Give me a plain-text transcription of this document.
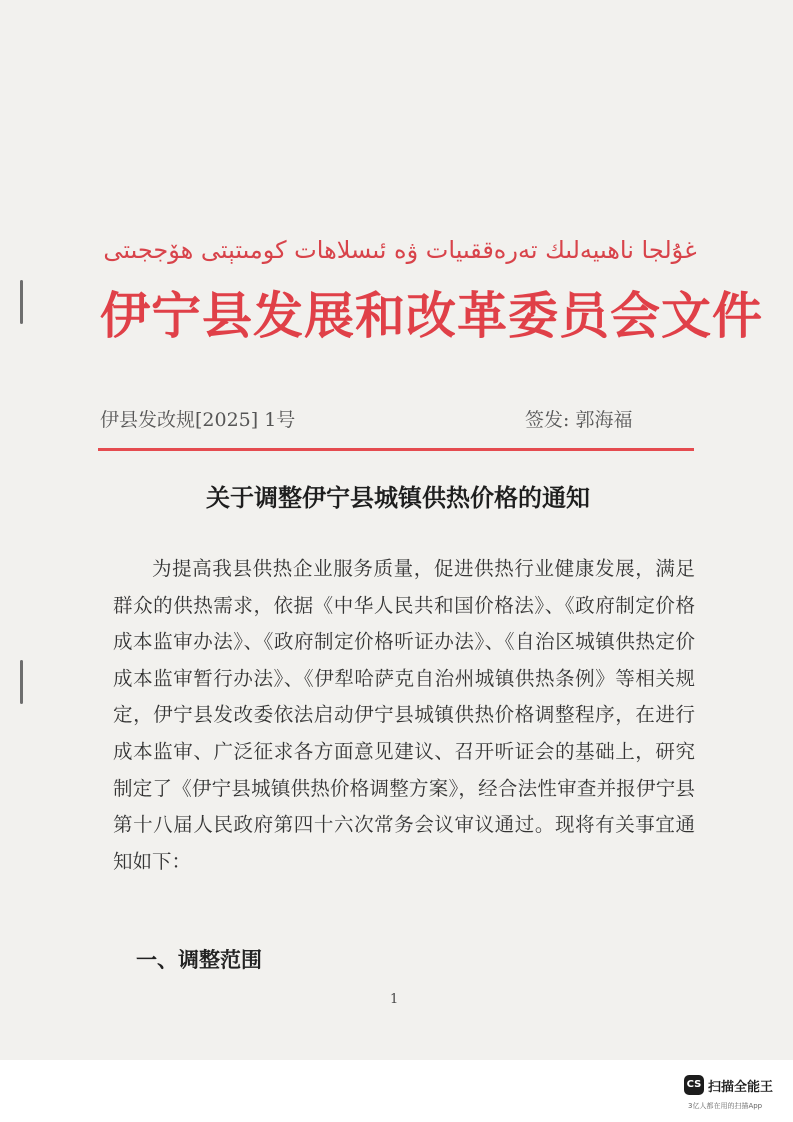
غۇلجا ناھىيەلىك تەرەققىيات ۋە ئىسلاھات كومىتېتى ھۆججىتى
伊宁县发展和改革委员会文件
伊县发改规[2025] 1号	签发: 郭海福
关于调整伊宁县城镇供热价格的通知

为提高我县供热企业服务质量，促进供热行业健康发展，满足群众的供热需求，依据《中华人民共和国价格法》、《政府制定价格成本监审办法》、《政府制定价格听证办法》、《自治区城镇供热定价成本监审暂行办法》、《伊犁哈萨克自治州城镇供热条例》等相关规定，伊宁县发改委依法启动伊宁县城镇供热价格调整程序，在进行成本监审、广泛征求各方面意见建议、召开听证会的基础上，研究制定了《伊宁县城镇供热价格调整方案》，经合法性审查并报伊宁县第十八届人民政府第四十六次常务会议审议通过。现将有关事宜通知如下：

一、调整范围
1
CS 扫描全能王
3亿人都在用的扫描App
